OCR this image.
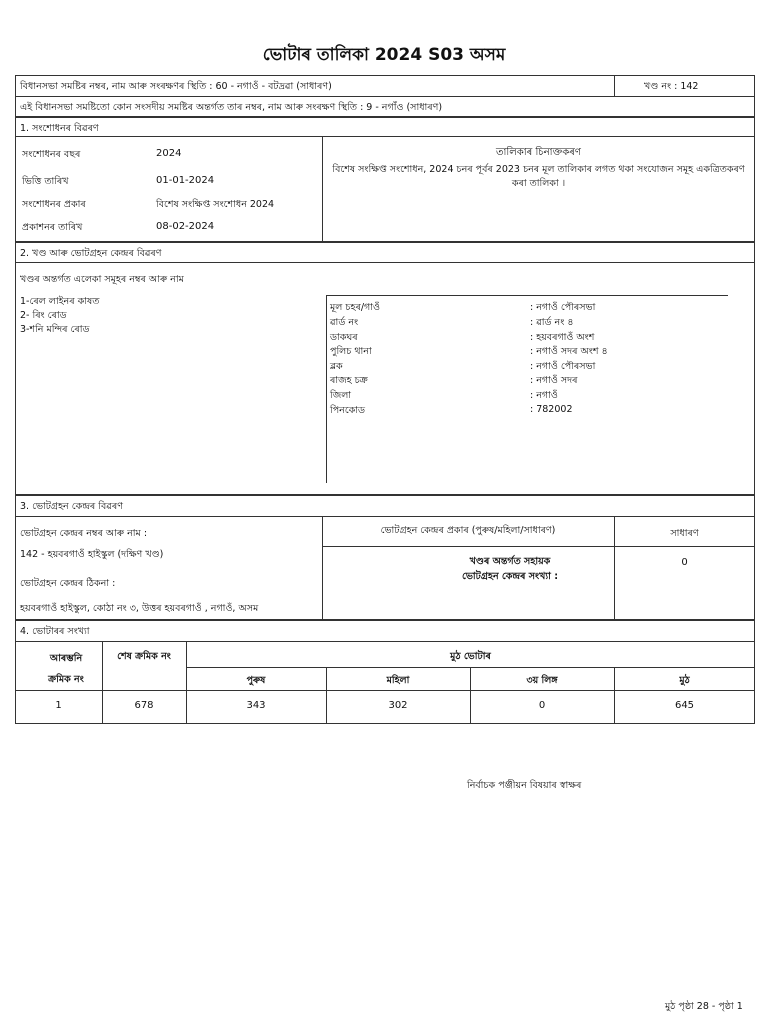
ভোটাৰ তালিকা 2024 S03 অসম
বিধানসভা সমষ্টিৰ নম্বৰ, নাম আৰু সংৰক্ষণৰ স্থিতি : 60 - নগাওঁ - বটদ্ৰৱা (সাধাৰণ)	খণ্ড নং : 142
এই বিধানসভা সমষ্টিতো কোন সংসদীয় সমষ্টিৰ অন্তৰ্গত তাৰ নম্বৰ, নাম আৰু সংৰক্ষণ স্থিতি : 9 - নগাঁও (সাধাৰণ)
1. সংশোধনৰ বিৱৰণ
সংশোধনৰ বছৰ	2024
ভিত্তি তাৰিখ	01-01-2024
সংশোধনৰ প্ৰকাৰ	বিশেষ সংক্ষিপ্ত সংশোধন 2024
প্ৰকাশনৰ তাৰিখ	08-02-2024
তালিকাৰ চিনাক্তকৰণ
বিশেষ সংক্ষিপ্ত সংশোধন, 2024 চনৰ পূৰ্বৰ 2023 চনৰ মূল তালিকাৰ লগত থকা সংযোজন সমূহ একত্ৰিতকৰণ কৰা তালিকা ।
2. খণ্ড আৰু ভোটগ্ৰহন কেন্দ্ৰৰ বিৱৰণ
খণ্ডৰ অন্তৰ্গত এলেকা সমূহৰ নম্বৰ আৰু নাম
1-ৰেল লাইনৰ কাষত
2- ৰিং ৰোড
3-শনি মন্দিৰ ৰোড
মূল চহৰ/গাওঁ	: নগাওঁ পৌৰসভা
ৱাৰ্ড নং	: ৱাৰ্ড নং ৪
ডাকঘৰ	: হয়বৰগাওঁ অংশ
পুলিচ থানা	: নগাওঁ সদৰ অংশ ৪
ব্লক	: নগাওঁ পৌৰসভা
ৰাজহ চক্ৰ	: নগাওঁ সদৰ
জিলা	: নগাওঁ
পিনকোড	: 782002
3. ভোটগ্ৰহন কেন্দ্ৰৰ বিৱৰণ
ভোটগ্ৰহন কেন্দ্ৰৰ নম্বৰ আৰু নাম :
142 - হয়বৰগাওঁ হাইস্কুল (দক্ষিণ খণ্ড)
ভোটগ্ৰহন কেন্দ্ৰৰ ঠিকনা :
হয়বৰগাওঁ হাইস্কুল, কোঠা নং ৩, উত্তৰ হয়বৰগাওঁ , নগাওঁ, অসম
ভোটগ্ৰহন কেন্দ্ৰৰ প্ৰকাৰ (পুৰুষ/মহিলা/সাধাৰণ)	সাধাৰণ
খণ্ডৰ অন্তৰ্গত সহায়ক ভোটগ্ৰহন কেন্দ্ৰৰ সংখ্যা :
0
4. ভোটাৰৰ সংখ্যা
আৰম্ভনি ক্ৰমিক নং
শেষ ক্ৰমিক নং	মুঠ ভোটাৰ
পুৰুষ	মহিলা	৩য় লিঙ্গ	মুঠ
1	678	343	302	0	645
নিৰ্বাচক পঞ্জীয়ন বিষয়াৰ স্বাক্ষৰ
মুঠ পৃষ্ঠা 28 - পৃষ্ঠা 1
